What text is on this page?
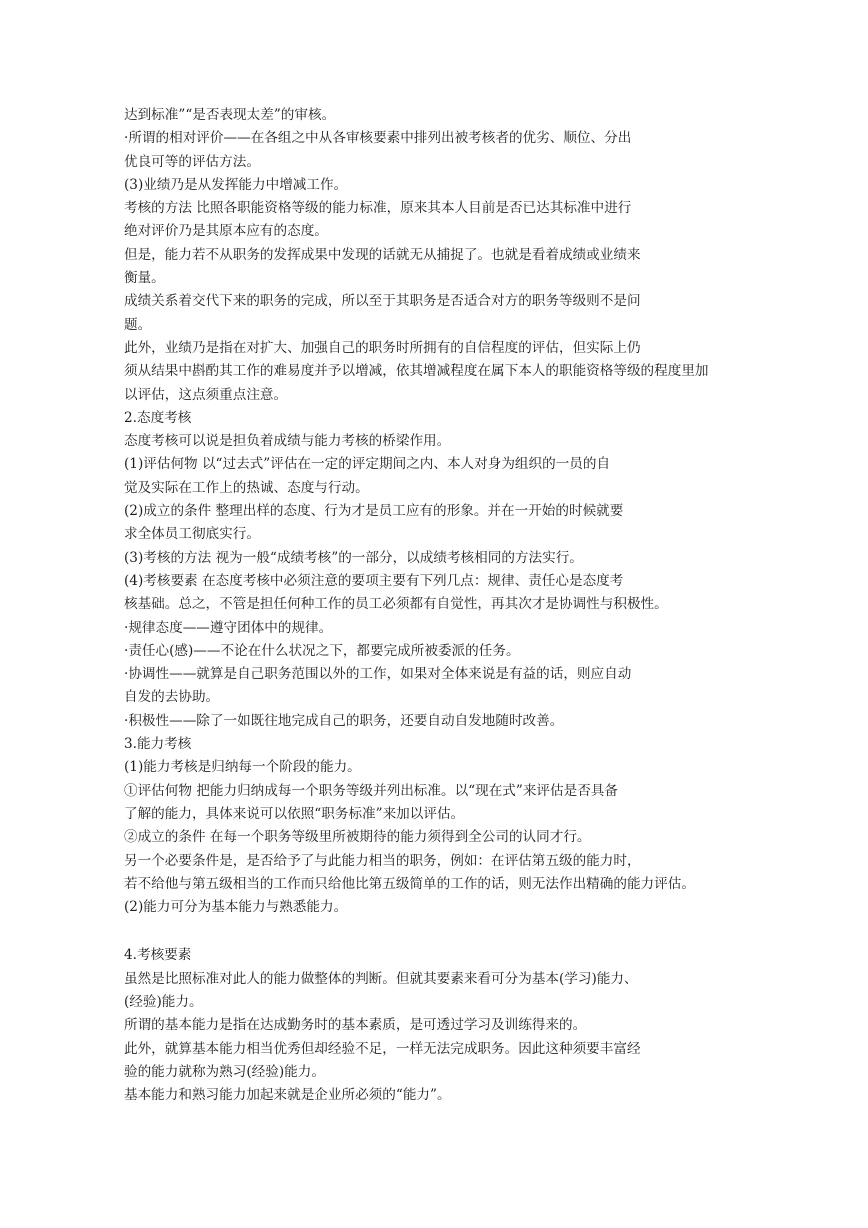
达到标准”“是否表现太差”的审核。
·所谓的相对评价——在各组之中从各审核要素中排列出被考核者的优劣、顺位、分出
优良可等的评估方法。
(3)业绩乃是从发挥能力中增减工作。
考核的方法 比照各职能资格等级的能力标准，原来其本人目前是否已达其标准中进行
绝对评价乃是其原本应有的态度。
但是，能力若不从职务的发挥成果中发现的话就无从捕捉了。也就是看着成绩或业绩来
衡量。
成绩关系着交代下来的职务的完成，所以至于其职务是否适合对方的职务等级则不是问
题。
此外，业绩乃是指在对扩大、加强自己的职务时所拥有的自信程度的评估，但实际上仍
须从结果中斟酌其工作的难易度并予以增减，依其增减程度在属下本人的职能资格等级的程度里加
以评估，这点须重点注意。
2.态度考核
态度考核可以说是担负着成绩与能力考核的桥梁作用。
(1)评估何物 以“过去式”评估在一定的评定期间之内、本人对身为组织的一员的自
觉及实际在工作上的热诚、态度与行动。
(2)成立的条件 整理出样的态度、行为才是员工应有的形象。并在一开始的时候就要
求全体员工彻底实行。
(3)考核的方法 视为一般“成绩考核”的一部分，以成绩考核相同的方法实行。
(4)考核要素 在态度考核中必须注意的要项主要有下列几点：规律、责任心是态度考
核基础。总之，不管是担任何种工作的员工必须都有自觉性，再其次才是协调性与积极性。
·规律态度——遵守团体中的规律。
·责任心(感)——不论在什么状况之下，都要完成所被委派的任务。
·协调性——就算是自己职务范围以外的工作，如果对全体来说是有益的话，则应自动
自发的去协助。
·积极性——除了一如既往地完成自己的职务，还要自动自发地随时改善。
3.能力考核
(1)能力考核是归纳每一个阶段的能力。
①评估何物 把能力归纳成每一个职务等级并列出标准。以“现在式”来评估是否具备
了解的能力，具体来说可以依照“职务标准”来加以评估。
②成立的条件 在每一个职务等级里所被期待的能力须得到全公司的认同才行。
另一个必要条件是，是否给予了与此能力相当的职务，例如：在评估第五级的能力时，
若不给他与第五级相当的工作而只给他比第五级简单的工作的话，则无法作出精确的能力评估。
(2)能力可分为基本能力与熟悉能力。
4.考核要素
虽然是比照标准对此人的能力做整体的判断。但就其要素来看可分为基本(学习)能力、
(经验)能力。
所谓的基本能力是指在达成勤务时的基本素质，是可透过学习及训练得来的。
此外，就算基本能力相当优秀但却经验不足，一样无法完成职务。因此这种须要丰富经
验的能力就称为熟习(经验)能力。
基本能力和熟习能力加起来就是企业所必须的“能力”。
